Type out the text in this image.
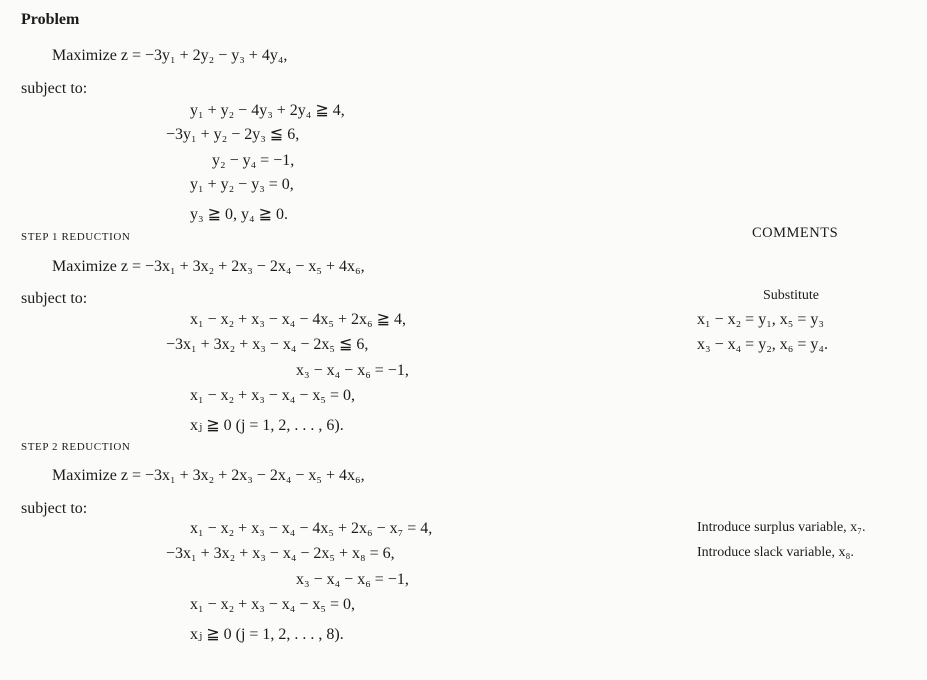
Problem
Maximize z = −3y₁ + 2y₂ − y₃ + 4y₄,
subject to:
y₁ + y₂ − 4y₃ + 2y₄ ≧ 4,
−3y₁ + y₂ − 2y₃ ≦ 6,
y₂ − y₄ = −1,
y₁ + y₂ − y₃ = 0,
y₃ ≧ 0, y₄ ≧ 0.
STEP 1 REDUCTION	COMMENTS
Maximize z = −3x₁ + 3x₂ + 2x₃ − 2x₄ − x₅ + 4x₆,
subject to:
x₁ − x₂ + x₃ − x₄ − 4x₅ + 2x₆ ≧ 4,
−3x₁ + 3x₂ + x₃ − x₄ − 2x₅ ≦ 6,
x₃ − x₄ − x₆ = −1,
x₁ − x₂ + x₃ − x₄ − x₅ = 0,
xⱼ ≧ 0 (j = 1, 2, . . . , 6).
Substitute
x₁ − x₂ = y₁, x₅ = y₃
x₃ − x₄ = y₂, x₆ = y₄.
STEP 2 REDUCTION
Maximize z = −3x₁ + 3x₂ + 2x₃ − 2x₄ − x₅ + 4x₆,
subject to:
x₁ − x₂ + x₃ − x₄ − 4x₅ + 2x₆ − x₇ = 4,
−3x₁ + 3x₂ + x₃ − x₄ − 2x₅ + x₈ = 6,
x₃ − x₄ − x₆ = −1,
x₁ − x₂ + x₃ − x₄ − x₅ = 0,
xⱼ ≧ 0 (j = 1, 2, . . . , 8).
Introduce surplus variable, x₇.
Introduce slack variable, x₈.
